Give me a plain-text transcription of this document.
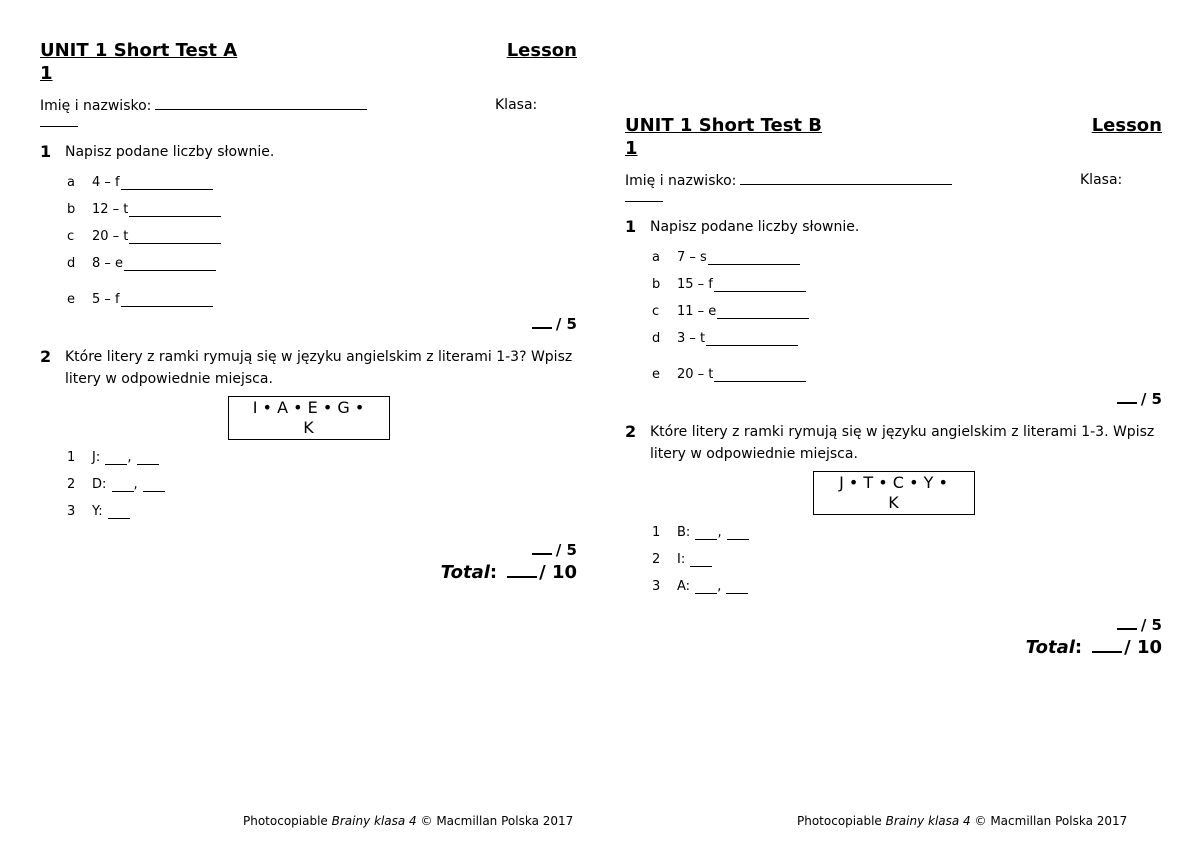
UNIT 1 Short Test A	Lesson
1
Imię i nazwisko:	Klasa:
1 Napisz podane liczby słownie.
a	4 – f
b	12 – t
c	20 – t
d	8 – e
e	5 – f
/ 5
2 Które litery z ramki rymują się w języku angielskim z literami 1-3? Wpisz litery w odpowiednie miejsca.
I • A • E • G •
K
1	J:
,
2	D:
,
3	Y:

/ 5
Total: / 10
UNIT 1 Short Test B	Lesson
1
Imię i nazwisko:	Klasa:
1 Napisz podane liczby słownie.
a	7 – s
b	15 – f
c	11 – e
d	3 – t
e	20 – t
/ 5
2 Które litery z ramki rymują się w języku angielskim z literami 1-3. Wpisz litery w odpowiednie miejsca.
J • T • C • Y •
K
1	B:
,
2	I:

3	A:
,
/ 5
Total: / 10
Photocopiable Brainy klasa 4 © Macmillan Polska 2017	Photocopiable Brainy klasa 4 © Macmillan Polska 2017
